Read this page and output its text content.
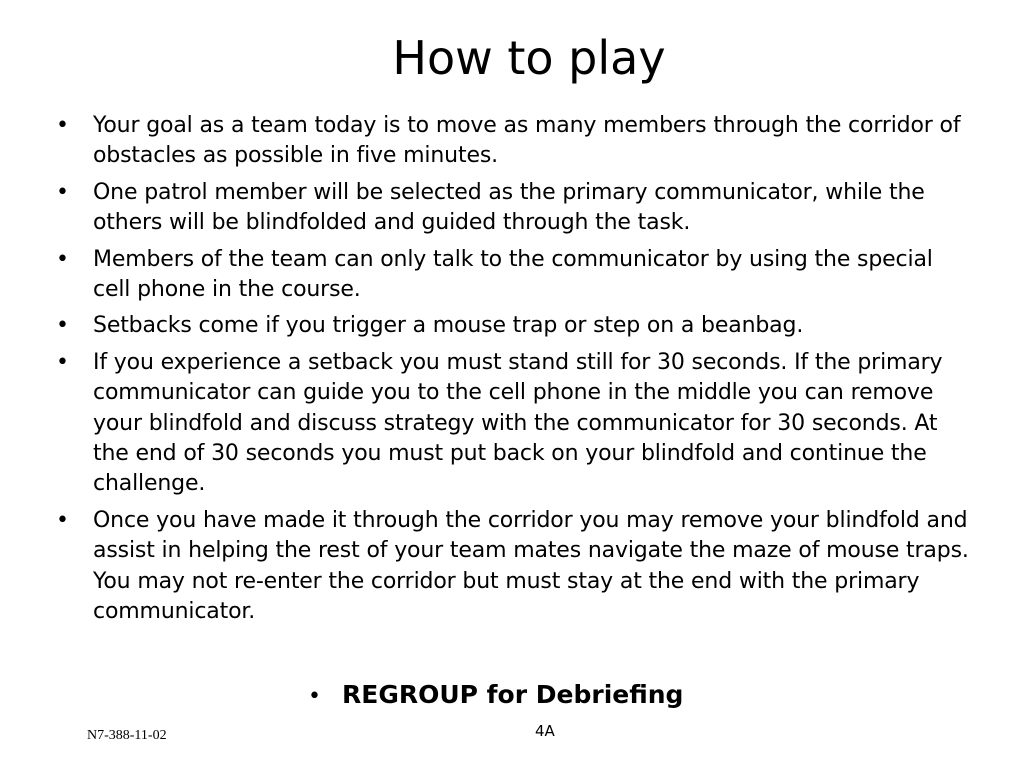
How to play
• Your goal as a team today is to move as many members through the corridor of obstacles as possible in five minutes.
• One patrol member will be selected as the primary communicator, while the others will be blindfolded and guided through the task.
• Members of the team can only talk to the communicator by using the special cell phone in the course.
• Setbacks come if you trigger a mouse trap or step on a beanbag.
• If you experience a setback you must stand still for 30 seconds. If the primary communicator can guide you to the cell phone in the middle you can remove your blindfold and discuss strategy with the communicator for 30 seconds. At the end of 30 seconds you must put back on your blindfold and continue the challenge.
• Once you have made it through the corridor you may remove your blindfold and assist in helping the rest of your team mates navigate the maze of mouse traps. You may not re-enter the corridor but must stay at the end with the primary communicator.
• REGROUP for Debriefing
N7-388-11-02	4A
